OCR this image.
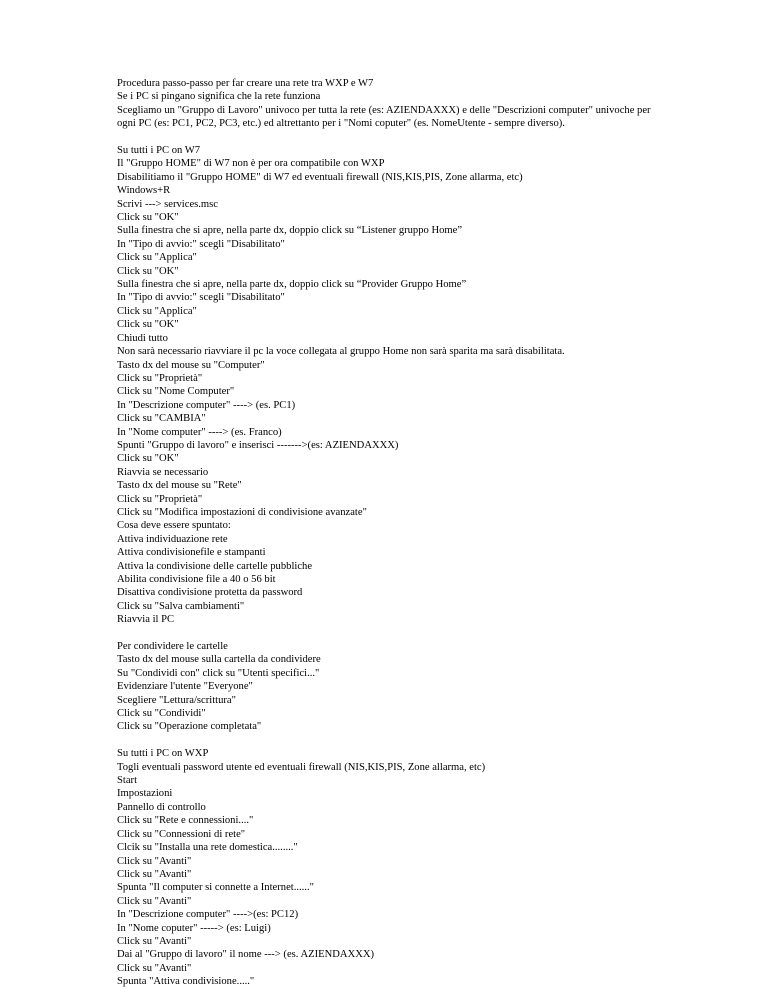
Procedura passo-passo per far creare una rete tra WXP e W7
Se i PC si pingano significa che la rete funziona
Scegliamo un "Gruppo di Lavoro" univoco per tutta la rete (es: AZIENDAXXX) e delle "Descrizioni computer" univoche per
ogni PC (es: PC1, PC2, PC3, etc.) ed altrettanto per i "Nomi coputer" (es. NomeUtente - sempre diverso).
Su tutti i PC on W7
Il "Gruppo HOME" di W7 non è per ora compatibile con WXP
Disabilitiamo il "Gruppo HOME" di W7 ed eventuali firewall (NIS,KIS,PIS, Zone allarma, etc)
Windows+R
Scrivi ---> services.msc
Click su "OK"
Sulla finestra che si apre, nella parte dx, doppio click su “Listener gruppo Home”
In "Tipo di avvio:" scegli "Disabilitato"
Click su "Applica"
Click su "OK"
Sulla finestra che si apre, nella parte dx, doppio click su “Provider Gruppo Home”
In "Tipo di avvio:" scegli "Disabilitato"
Click su "Applica"
Click su "OK"
Chiudi tutto
Non sarà necessario riavviare il pc la voce collegata al gruppo Home non sarà sparita ma sarà disabilitata.
Tasto dx del mouse su "Computer"
Click su "Proprietà"
Click su "Nome Computer"
In "Descrizione computer" ----> (es. PC1)
Click su "CAMBIA"
In "Nome computer" ----> (es. Franco)
Spunti "Gruppo di lavoro" e inserisci ------->(es: AZIENDAXXX)
Click su "OK"
Riavvia se necessario
Tasto dx del mouse su "Rete"
Click su "Proprietà"
Click su "Modifica impostazioni di condivisione avanzate"
Cosa deve essere spuntato:
Attiva individuazione rete
Attiva condivisionefile e stampanti
Attiva la condivisione delle cartelle pubbliche
Abilita condivisione file a 40 o 56 bit
Disattiva condivisione protetta da password
Click su "Salva cambiamenti"
Riavvia il PC
Per condividere le cartelle
Tasto dx del mouse sulla cartella da condividere
Su "Condividi con" click su "Utenti specifici..."
Evidenziare l'utente "Everyone"
Scegliere "Lettura/scrittura"
Click su "Condividi"
Click su "Operazione completata"
Su tutti i PC on WXP
Togli eventuali password utente ed eventuali firewall (NIS,KIS,PIS, Zone allarma, etc)
Start
Impostazioni
Pannello di controllo
Click su "Rete e connessioni...."
Click su "Connessioni di rete"
Clcik su "Installa una rete domestica........"
Click su "Avanti"
Click su "Avanti"
Spunta "Il computer si connette a Internet......"
Click su "Avanti"
In "Descrizione computer" ---->(es: PC12)
In "Nome coputer" -----> (es: Luigi)
Click su "Avanti"
Dai al "Gruppo di lavoro" il nome ---> (es. AZIENDAXXX)
Click su "Avanti"
Spunta "Attiva condivisione....."
